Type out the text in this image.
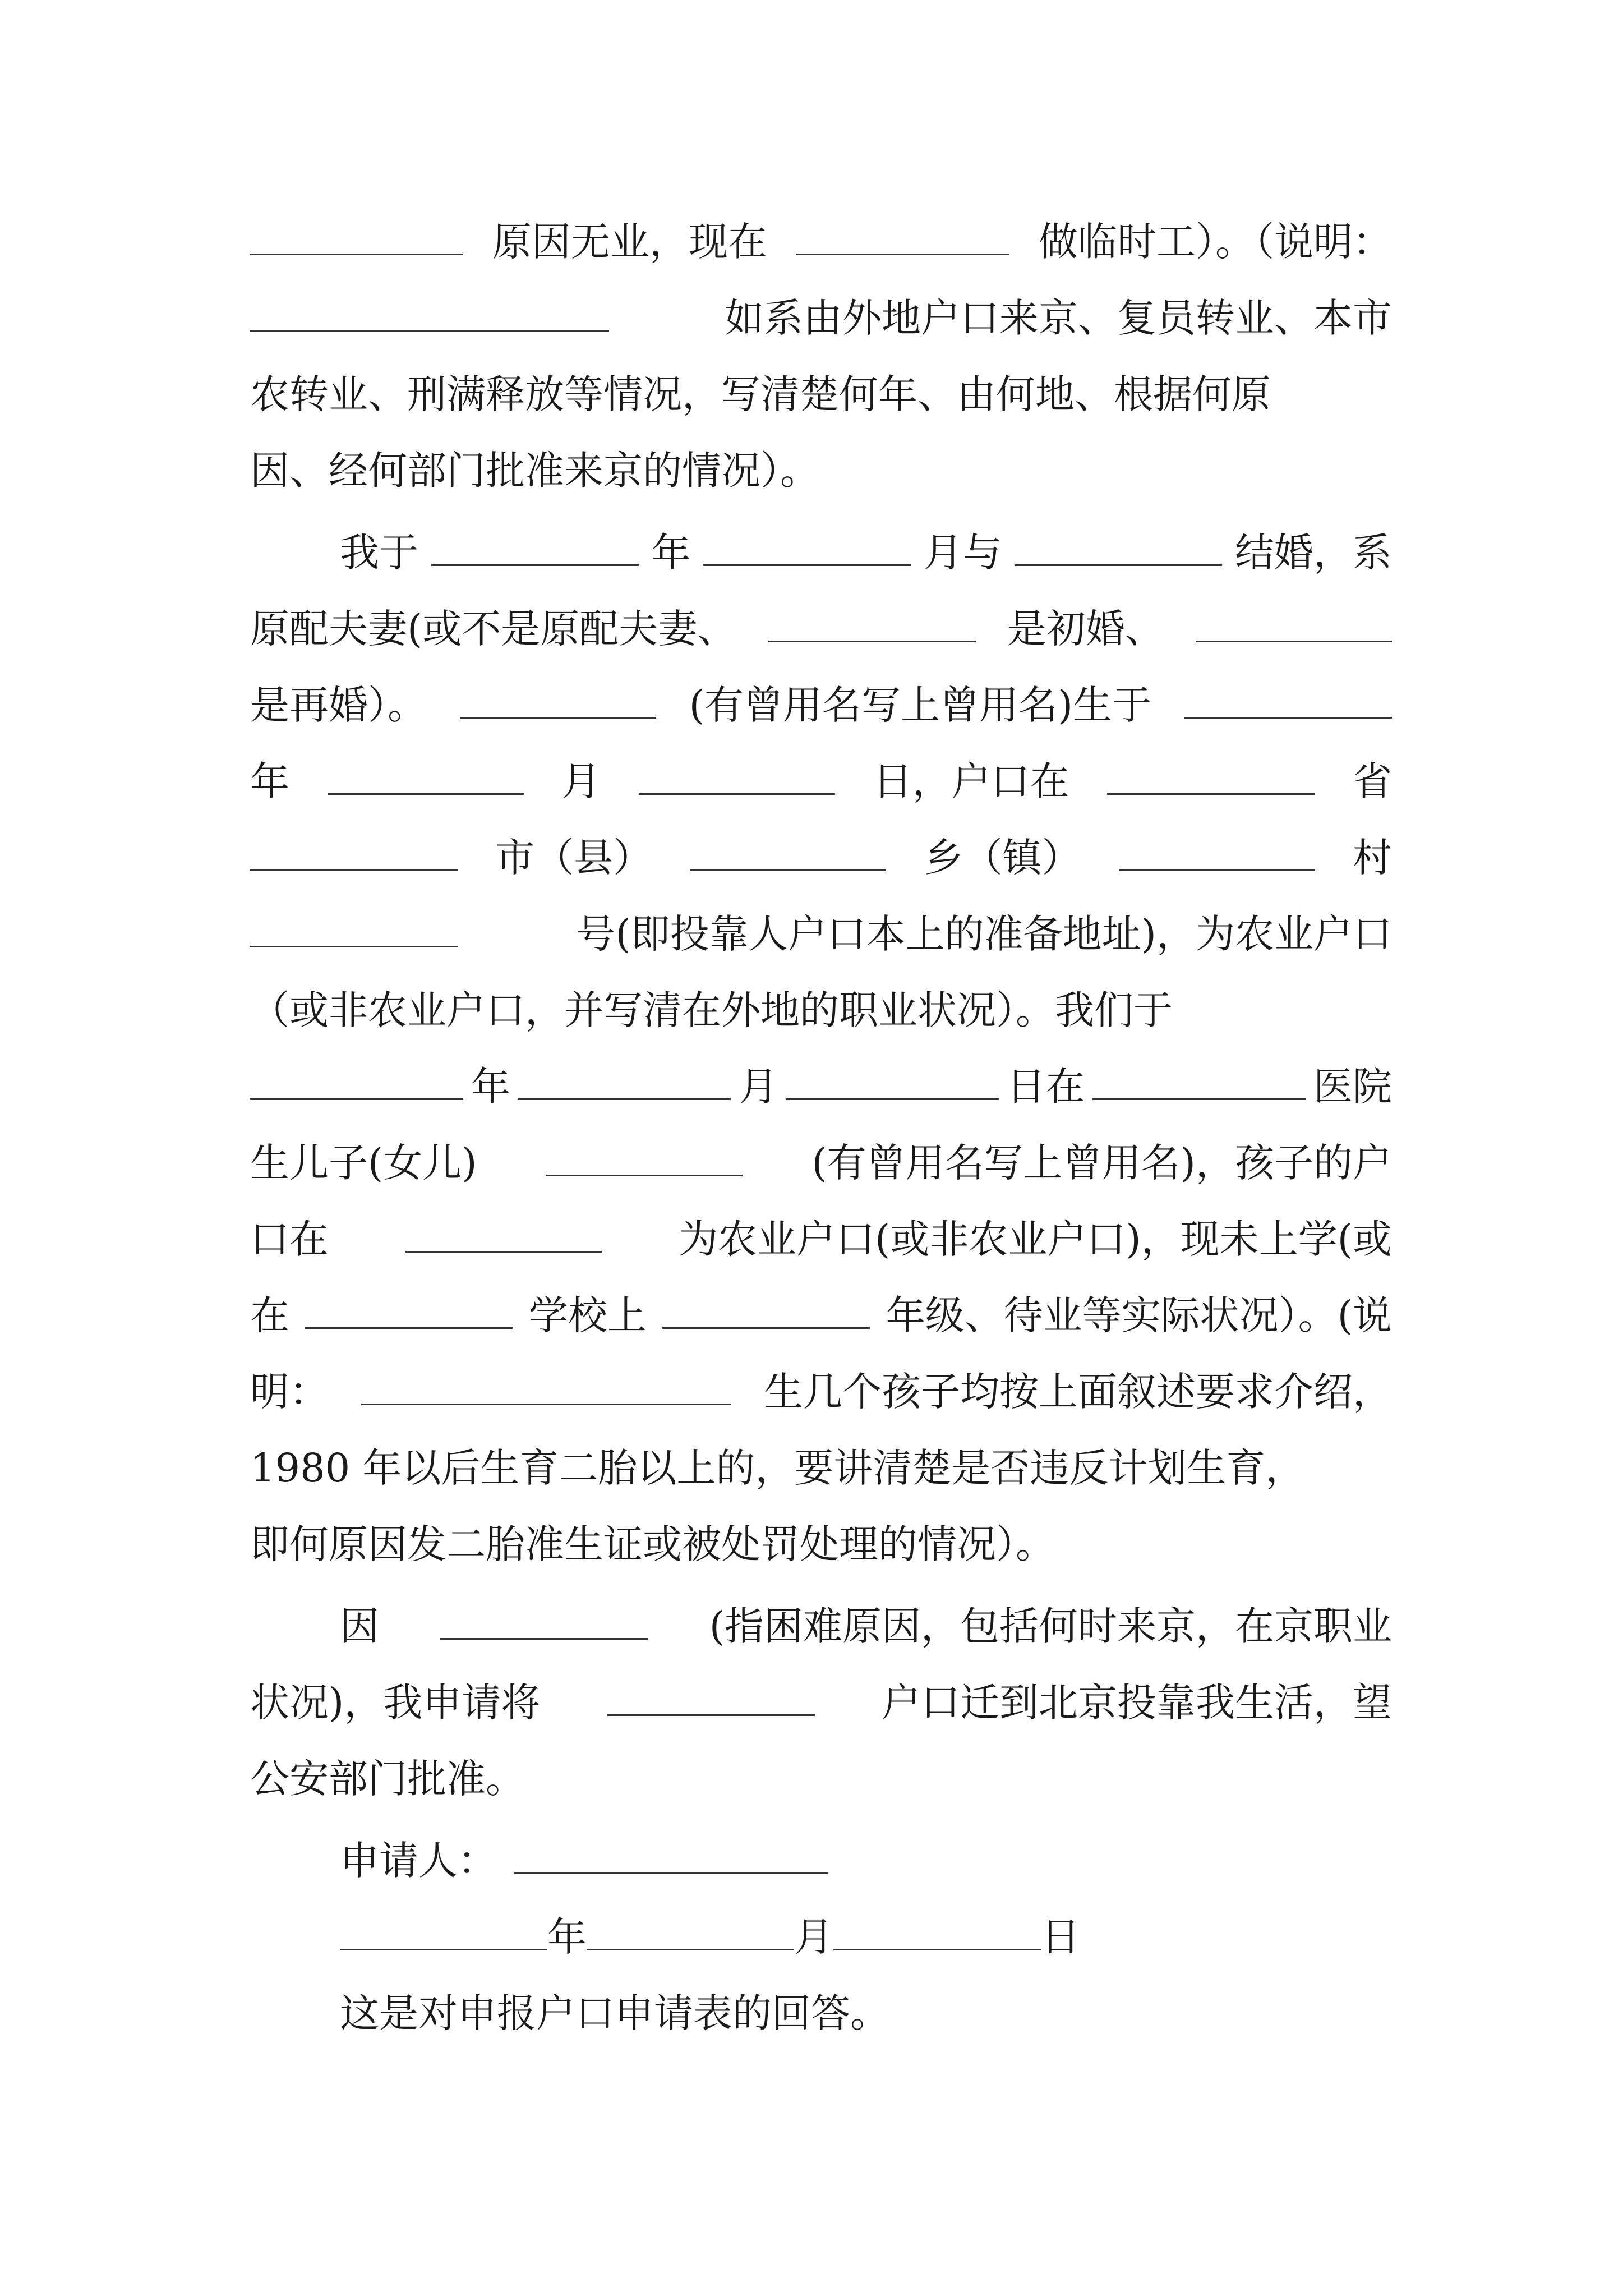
原因无业，现在	做临时工）。（说明：
如系由外地户口来京、复员转业、本市
农转业、刑满释放等情况，写清楚何年、由何地、根据何原
因、经何部门批准来京的情况）。
我于	年	月与	结婚，系
原配夫妻(或不是原配夫妻、	是初婚、
是再婚）。	(有曾用名写上曾用名)生于
年	月	日，户口在	省
市（县）	乡（镇）	村
号(即投靠人户口本上的准备地址)，为农业户口
（或非农业户口，并写清在外地的职业状况）。我们于
年	月	日在	医院
生儿子(女儿)	(有曾用名写上曾用名)，孩子的户
口在	为农业户口(或非农业户口)，现未上学(或
在	学校上	年级、待业等实际状况）。(说
明：	生几个孩子均按上面叙述要求介绍，
1980 年以后生育二胎以上的，要讲清楚是否违反计划生育，
即何原因发二胎准生证或被处罚处理的情况）。
因	(指困难原因，包括何时来京，在京职业
状况)，我申请将	户口迁到北京投靠我生活，望
公安部门批准。
申请人：
年	月	日
这是对申报户口申请表的回答。
